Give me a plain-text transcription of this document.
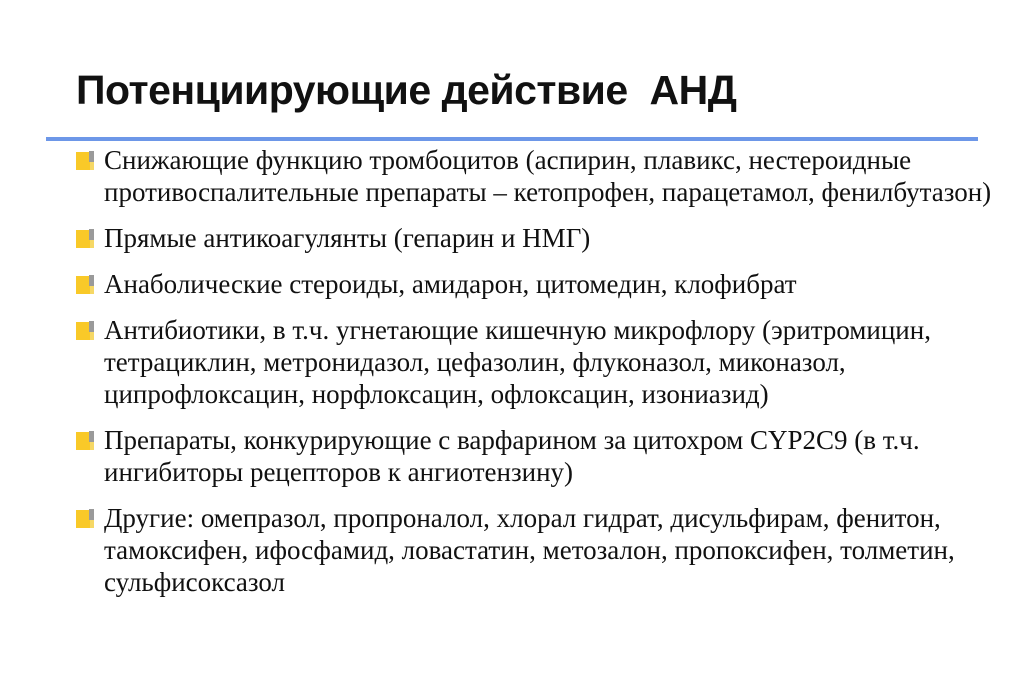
Потенциирующие действие  АНД
Снижающие функцию тромбоцитов (аспирин, плавикс, нестероидные противоспалительные препараты – кетопрофен, парацетамол, фенилбутазон)
Прямые антикоагулянты (гепарин и НМГ)
Анаболические стероиды, амидарон, цитомедин, клофибрат
Антибиотики, в т.ч. угнетающие кишечную микрофлору (эритромицин, тетрациклин, метронидазол, цефазолин, флуконазол, миконазол, ципрофлоксацин, норфлоксацин, офлоксацин, изониазид)
Препараты, конкурирующие с варфарином за цитохром CYP2C9 (в т.ч. ингибиторы рецепторов к ангиотензину)
Другие: омепразол, пропроналол, хлорал гидрат, дисульфирам, фенитон, тамоксифен, ифосфамид, ловастатин, метозалон, пропоксифен, толметин, сульфисоксазол
